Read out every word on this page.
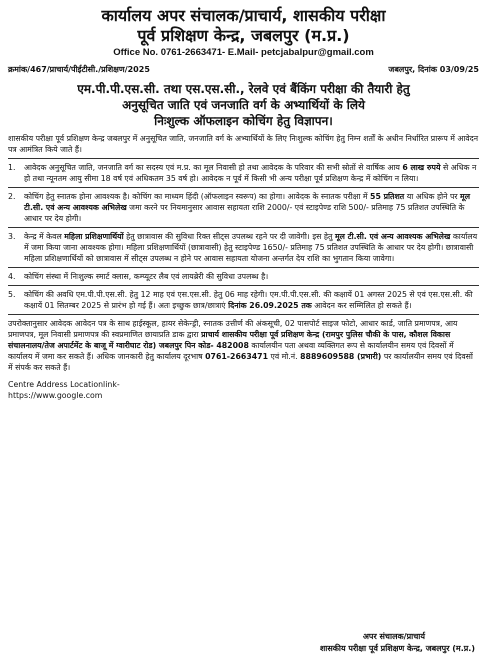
कार्यालय अपर संचालक/प्राचार्य, शासकीय परीक्षा
पूर्व प्रशिक्षण केन्द्र, जबलपुर (म.प्र.)
Office No. 0761-2663471- E.Mail- petcjabalpur@gmail.com
क्रमांक/467/प्राचार्य/पीईटीसी./प्रशिक्षण/2025	जबलपुर, दिनांक 03/09/25
एम.पी.पी.एस.सी. तथा एस.एस.सी., रेलवे एवं बैंकिंग परीक्षा की तैयारी हेतु
अनुसूचित जाति एवं जनजाति वर्ग के अभ्यार्थियों के लिये
निःशुल्क ऑफलाइन कोचिंग हेतु विज्ञापन।

शासकीय परीक्षा पूर्व प्रशिक्षण केन्द्र जबलपुर में अनुसूचित जाति, जनजाति वर्ग के अभ्यार्थियों के लिए निःशुल्क कोचिंग हेतु निम्न शर्तों के अधीन निर्धारित प्रारूप में आवेदन पत्र आमंत्रित किये जाते हैं।

1.	आवेदक अनुसूचित जाति, जनजाति वर्ग का सदस्य एवं म.प्र. का मूल निवासी हो तथा आवेदक के परिवार की सभी स्रोतों से वार्षिक आय 6 लाख रुपये से अधिक न हो तथा न्यूनतम आयु सीमा 18 वर्ष एवं अधिकतम 35 वर्ष हो। आवेदक न पूर्व में किसी भी अन्य परीक्षा पूर्व प्रशिक्षण केन्द्र में कोचिंग न लिया।
2.	कोचिंग हेतु स्नातक होना आवश्यक है। कोचिंग का माध्यम हिंदी (ऑफलाइन स्वरूप) का होगा। आवेदक के स्नातक परीक्षा में 55 प्रतिशत या अधिक होने पर मूल टी.सी. एवं अन्य आवश्यक अभिलेख जमा करने पर नियमानुसार आवास सहायता राशि 2000/- एवं स्टाइपेण्ड राशि 500/- प्रतिमाह 75 प्रतिशत उपस्थिति के आधार पर देय होगी।
3.	केन्द्र में केवल महिला प्रशिक्षणार्थियों हेतु छात्रावास की सुविधा रिक्त सीट्स उपलब्ध रहने पर दी जावेगी। इस हेतु मूल टी.सी. एवं अन्य आवश्यक अभिलेख कार्यालय में जमा किया जाना आवश्यक होगा। महिला प्रशिक्षणार्थियों (छात्रावासी) हेतु स्टाइपेण्ड 1650/- प्रतिमाह 75 प्रतिशत उपस्थिति के आधार पर देय होगी। छात्रावासी महिला प्रशिक्षणार्थियों को छात्रावास में सीट्स उपलब्ध न होने पर आवास सहायता योजना अन्तर्गत देय राशि का भुगतान किया जावेगा।
4.	कोचिंग संस्था में निःशुल्क स्मार्ट क्लास, कम्प्यूटर लैब एवं लायब्रेरी की सुविधा उपलब्ध है।
5.	कोचिंग की अवधि एम.पी.पी.एस.सी. हेतु 12 माह एवं एस.एस.सी. हेतु 06 माह रहेगी। एम.पी.पी.एस.सी. की कक्षायें 01 अगस्त 2025 से एवं एस.एस.सी. की कक्षायें 01 सितम्बर 2025 से प्रारंभ हो गई हैं। अतः इच्छुक छात्र/छात्राएं दिनांक 26.09.2025 तक आवेदन कर सम्मिलित हो सकते हैं।

उपरोक्तानुसार आवेदक आवेदन पत्र के साथ हाईस्कूल, हायर सेकेन्ड्री, स्नातक उत्तीर्ण की अंकसूची, 02 पासपोर्ट साइज फोटो, आधार कार्ड, जाति प्रमाणपत्र, आय प्रमाणपत्र, मूल निवासी प्रमाणपत्र की स्वप्रमाणित छायाप्रति डाक द्वारा प्राचार्य शासकीय परीक्षा पूर्व प्रशिक्षण केन्द्र (रामपुर पुलिस चौकी के पास, कौशल विकास संचालनालय/तेज अपार्टमेंट के बाजू में ग्वारीघाट रोड) जबलपुर पिन कोड- 482008 कार्यालयीन पता अथवा व्यक्तिगत रूप से कार्यालयीन समय एवं दिवसों में कार्यालय में जमा कर सकते हैं। अधिक जानकारी हेतु कार्यालय दूरभाष 0761-2663471 एवं मो.नं. 8889609588 (प्रभारी) पर कार्यालयीन समय एवं दिवसों में संपर्क कर सकते हैं।

Centre Address Locationlink-

https://www.google.com

अपर संचालक/प्राचार्य
शासकीय परीक्षा पूर्व प्रशिक्षण केन्द्र, जबलपुर (म.प्र.)
